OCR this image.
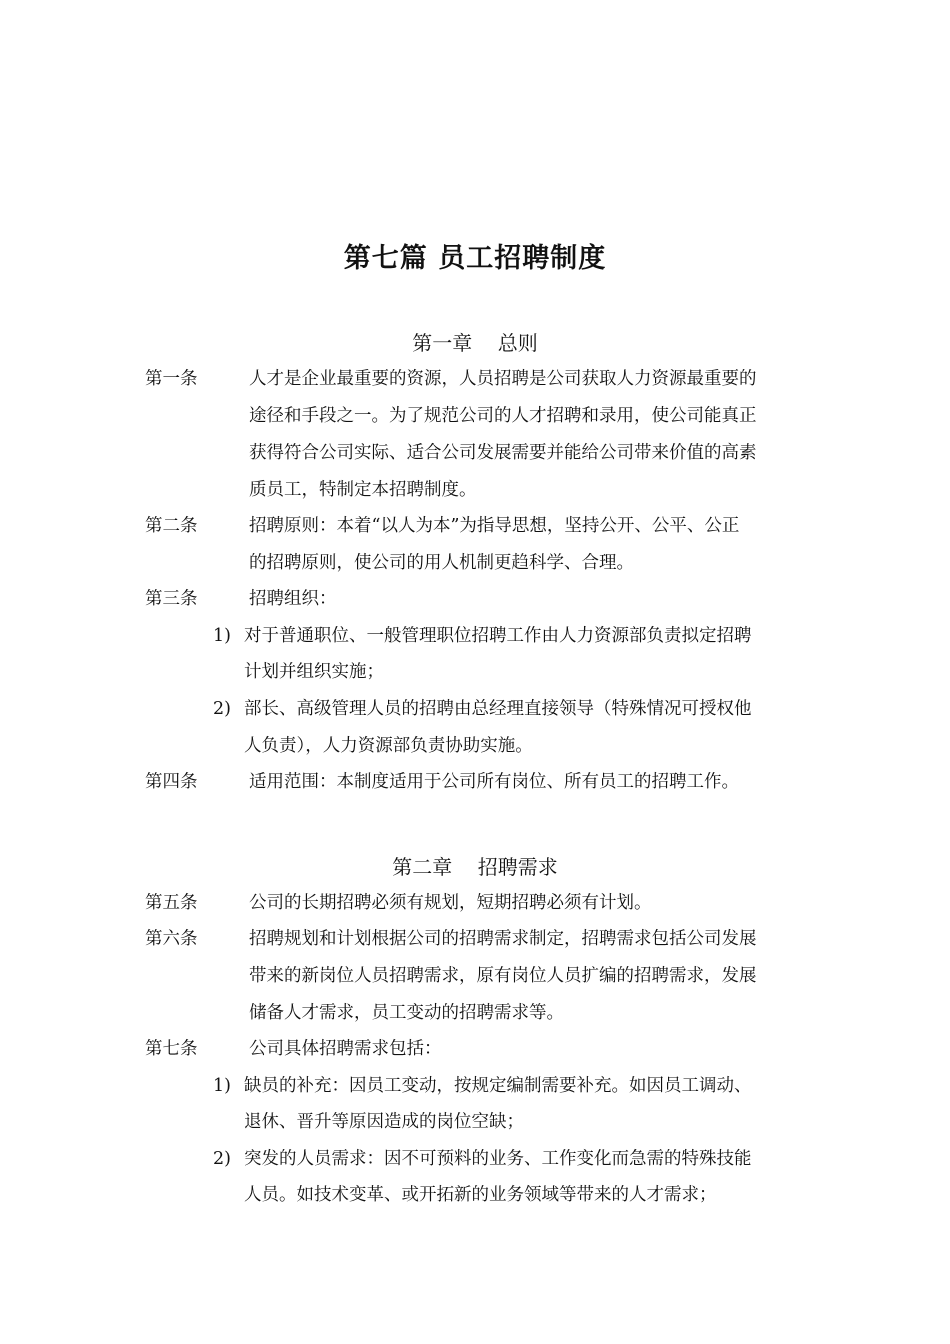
第七篇 员工招聘制度
第一章    总则
第一条	人才是企业最重要的资源，人员招聘是公司获取人力资源最重要的
途径和手段之一。为了规范公司的人才招聘和录用，使公司能真正
获得符合公司实际、适合公司发展需要并能给公司带来价值的高素
质员工，特制定本招聘制度。
第二条	招聘原则：本着“以人为本”为指导思想，坚持公开、公平、公正
的招聘原则，使公司的用人机制更趋科学、合理。
第三条	招聘组织：
1) 对于普通职位、一般管理职位招聘工作由人力资源部负责拟定招聘
计划并组织实施；
2) 部长、高级管理人员的招聘由总经理直接领导（特殊情况可授权他
人负责），人力资源部负责协助实施。
第四条	适用范围：本制度适用于公司所有岗位、所有员工的招聘工作。
第二章    招聘需求
第五条	公司的长期招聘必须有规划，短期招聘必须有计划。
第六条	招聘规划和计划根据公司的招聘需求制定，招聘需求包括公司发展
带来的新岗位人员招聘需求，原有岗位人员扩编的招聘需求，发展
储备人才需求，员工变动的招聘需求等。
第七条	公司具体招聘需求包括：
1) 缺员的补充：因员工变动，按规定编制需要补充。如因员工调动、
退休、晋升等原因造成的岗位空缺；
2) 突发的人员需求：因不可预料的业务、工作变化而急需的特殊技能
人员。如技术变革、或开拓新的业务领域等带来的人才需求；
